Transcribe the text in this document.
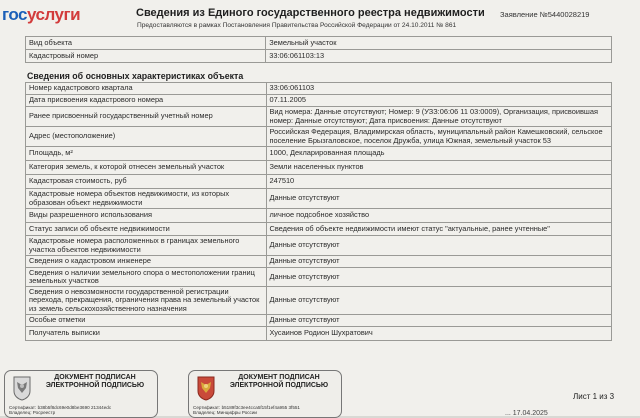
госуслуги	Сведения из Единого государственного реестра недвижимости
Предоставляются в рамках Постановления Правительства Российской Федерации от 24.10.2011 № 861
Заявление №5440028219
Вид объекта	Земельный участок
Кадастровый номер	33:06:061103:13
Сведения об основных характеристиках объекта
Номер кадастрового квартала	33:06:061103
Дата присвоения кадастрового номера	07.11.2005
Ранее присвоенный государственный учетный номер	Вид номера: Данные отсутствуют; Номер: 9 (УЗЗ:06:06 11 03:0009), Организация, присвоившая номер: Данные отсутствуют; Дата присвоения: Данные отсутствуют
Адрес (местоположение)	Российская Федерация, Владимирская область, муниципальный район Камешковский, сельское поселение Брызгаловское, поселок Дружба, улица Южная, земельный участок 53
Площадь, м²	1000, Декларированная площадь
Категория земель, к которой отнесен земельный участок	Земли населенных пунктов
Кадастровая стоимость, руб	247510
Кадастровые номера объектов недвижимости, из которых образован объект недвижимости	Данные отсутствуют
Виды разрешенного использования	личное подсобное хозяйство
Статус записи об объекте недвижимости	Сведения об объекте недвижимости имеют статус "актуальные, ранее учтенные"
Кадастровые номера расположенных в границах земельного участка объектов недвижимости	Данные отсутствуют
Сведения о кадастровом инженере	Данные отсутствуют
Сведения о наличии земельного спора о местоположении границ земельных участков	Данные отсутствуют
Сведения о невозможности государственной регистрации перехода, прекращения, ограничения права на земельный участок из земель сельскохозяйственного назначения	Данные отсутствуют
Особые отметки	Данные отсутствуют
Получатель выписки	Хусаинов Родион Шухратович
ДОКУМЕНТ ПОДПИСАН ЭЛЕКТРОННОЙ ПОДПИСЬЮ
Сертификат: b38b5f8dc69e0d8be3690 21344edc
Владелец: Росреестр
ДОКУМЕНТ ПОДПИСАН ЭЛЕКТРОННОЙ ПОДПИСЬЮ
Сертификат: b5189f3c3ee4cca5f15f1ef4a955 3f551
Владелец: Минцифры России
Лист 1 из 3
... 17.04.2025
